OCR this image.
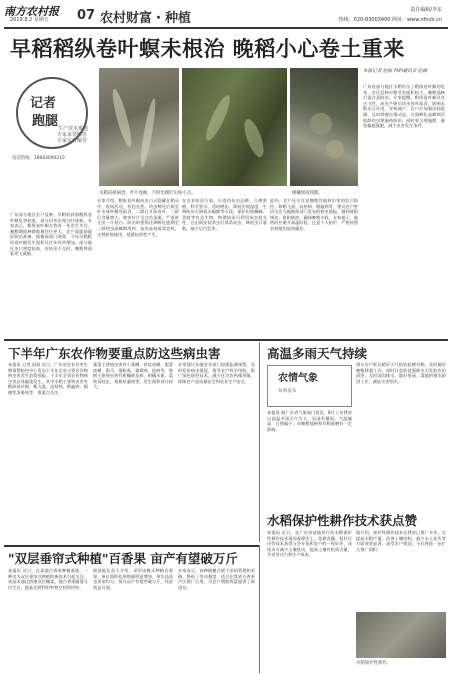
南方农村报
2019.8.2 星期五 07 农村财富・种植
责任编辑/李东
热线：020-83003400 网址：www.nfncb.cn
早稻稻纵卷叶螟未根治 晚稻小心卷土重来
记者
跑腿 生产技术难题
专家来帮解答
专家实时解答
电话热线：18664090210
水稻田损病害，叶片卷曲，不时出现叶尖枯小点。	柑橘果成熟期。
本报记者 赵丽 特约通讯员 赵颖
广东省部分地区水稻经历了稻纵卷叶螟的危害，农民反映早稻受害面积较大，晚稻插秧后需注意防治。专家提醒，稻纵卷叶螟具有迁飞性，成虫产卵后幼虫卷叶取食，影响水稻光合作用，导致减产。农户应加强田间监测，及时掌握虫情动态，在卵孵化高峰期至低龄幼虫期施药防治。同时要合理施肥，避免偏施氮肥，减少虫害发生条件。
广东部分地区农户反映，早稻收获前稻纵卷叶螟危害较重，部分田块出现白叶现象。专家表示，稻纵卷叶螟在我省一年发生多代，晚稻期间种群数量往往更大，农户需提前做好防治准备。据植保部门调查，今年早稻稻纵卷叶螟发生面积比往年有所增加，部分地区虫口密度较高，若防治不及时，晚稻将面临更大威胁。
专家介绍，稻纵卷叶螟成虫白天隐藏在稻丛中，夜间活动，有趋光性。幼虫孵化后爬至叶尖或叶鞘处取食，二龄后开始卷叶，三龄后食量增大。被害叶片呈白色条斑，严重时全田一片枯白。防治时要抓住卵孵化盛期至二龄幼虫高峰期用药，选用高效低毒农药，交替轮换使用，延缓抗药性产生。
在农业防治方面，应选用抗虫品种，合理密植，科学管水，适时晒田，降低田间湿度。生物防治可释放赤眼蜂等天敌，保护田间蜘蛛、青蛙等有益生物。物理防治可利用成虫趋光性，在田间安装杀虫灯诱杀成虫，降低虫口基数，减少后代危害。
此外，农户还应注意晚稻其他病虫害的综合防控，如稻飞虱、纹枯病、稻瘟病等。建议农户密切关注当地植保部门发布的病虫情报，做到统防统治、联防联控，确保晚稻丰收。专家提示，施药时应避开高温时段，注意个人防护，严格按照农药使用说明操作。
下半年广东农作物要重点防这些病虫害
本报讯 记者 赵丽 近日，广东省农业有害生物预警防控中心发布下半年全省主要农作物病虫害发生趋势预报。下半年全省农作物病虫害总体偏重发生，其中水稻主要病虫害有稻纵卷叶螟、稻飞虱、纹枯病、稻瘟病、细菌性条斑病等，需重点关注。
蔬菜主要病虫害有小菜蛾、斜纹夜蛾、甜菜夜蛾、蓟马、烟粉虱、霜霉病、疫病等。果树主要病虫害有柑橘黄龙病、柑橘木虱、荔枝蒂蛀虫、香蕉枯萎病等，发生面积预计较大。
专家建议各地农业部门加强监测预警，及时发布病虫情报，指导农户科学用药，推广绿色防控技术，减少化学农药使用量，保障农产品质量安全和农业生产安全。
高温多雨天气持续
农情气象
每周发布
本报讯 据广东省气象部门消息，8月上旬我省以高温多雨天气为主，局部有暴雨。气温偏高，日照偏少，对晚稻插秧和早稻收晒有一定影响。
建议农户抓住晴好天气抢收抢晒早稻，及时做好晚稻移栽工作。同时注意防范强降水引发的农田渍涝，及时清沟排水，做好果园、菜地的排水防涝工作，减轻灾害损失。
水稻保护性耕作技术获点赞
本报讯 近日，在广东省某地举行的水稻保护性耕作技术现场观摩会上，免耕直播、秸秆还田等技术获得与会专家和农户的一致好评。该技术可减少土壤扰动，提高土壤有机质含量，节省劳动力和生产成本。
据介绍，保护性耕作技术在我省已推广多年，在提高水稻产量、改善土壤结构、减少水土流失等方面效果显著，深受农户欢迎，今后将进一步扩大推广面积。
水稻保护性耕作。
"双层垂帘式种植"百香果 亩产有望破万斤
本报讯 近日，在某地百香果种植基地，一种名为双层垂帘式种植的新技术引起关注。该技术通过搭建双层棚架，使百香果藤蔓分层生长，提高光照利用率和空间利用率。
据基地负责人介绍，采用该模式种植百香果，单位面积挂果数量明显增加，果实品质也更加均匀，预计亩产有望突破万斤，经济效益可观。
专家表示，该种植模式便于田间管理和采摘，降低了劳动强度，适合在我省百香果产区推广应用，为农户增收致富提供了新途径。
